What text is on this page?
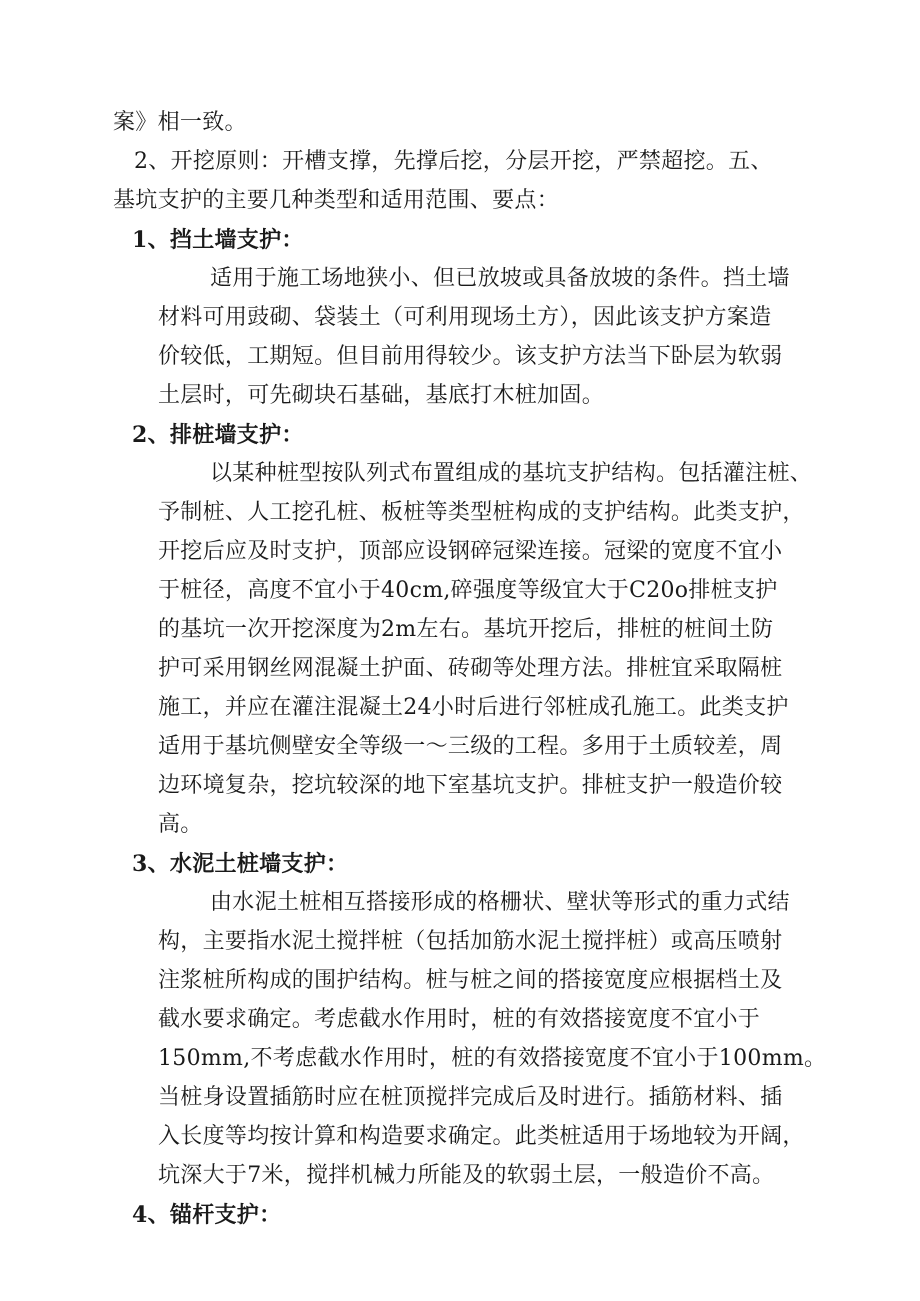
案》相一致。
2、开挖原则：开槽支撑，先撑后挖，分层开挖，严禁超挖。五、
基坑支护的主要几种类型和适用范围、要点：
1、挡土墙支护：
适用于施工场地狭小、但已放坡或具备放坡的条件。挡土墙
材料可用豉砌、袋装土（可利用现场土方），因此该支护方案造
价较低，工期短。但目前用得较少。该支护方法当下卧层为软弱
土层时，可先砌块石基础，基底打木桩加固。
2、排桩墙支护：
以某种桩型按队列式布置组成的基坑支护结构。包括灌注桩、
予制桩、人工挖孔桩、板桩等类型桩构成的支护结构。此类支护，
开挖后应及时支护，顶部应设钢碎冠梁连接。冠梁的宽度不宜小
于桩径，高度不宜小于40cm,碎强度等级宜大于C20o排桩支护
的基坑一次开挖深度为2m左右。基坑开挖后，排桩的桩间土防
护可采用钢丝网混凝土护面、砖砌等处理方法。排桩宜采取隔桩
施工，并应在灌注混凝土24小时后进行邻桩成孔施工。此类支护
适用于基坑侧壁安全等级一～三级的工程。多用于土质较差，周
边环境复杂，挖坑较深的地下室基坑支护。排桩支护一般造价较
高。
3、水泥土桩墙支护：
由水泥土桩相互搭接形成的格栅状、壁状等形式的重力式结
构，主要指水泥土搅拌桩（包括加筋水泥土搅拌桩）或高压喷射
注浆桩所构成的围护结构。桩与桩之间的搭接宽度应根据档土及
截水要求确定。考虑截水作用时，桩的有效搭接宽度不宜小于
150mm,不考虑截水作用时，桩的有效搭接宽度不宜小于100mm。
当桩身设置插筋时应在桩顶搅拌完成后及时进行。插筋材料、插
入长度等均按计算和构造要求确定。此类桩适用于场地较为开阔，
坑深大于7米，搅拌机械力所能及的软弱土层，一般造价不高。
4、锚杆支护：
